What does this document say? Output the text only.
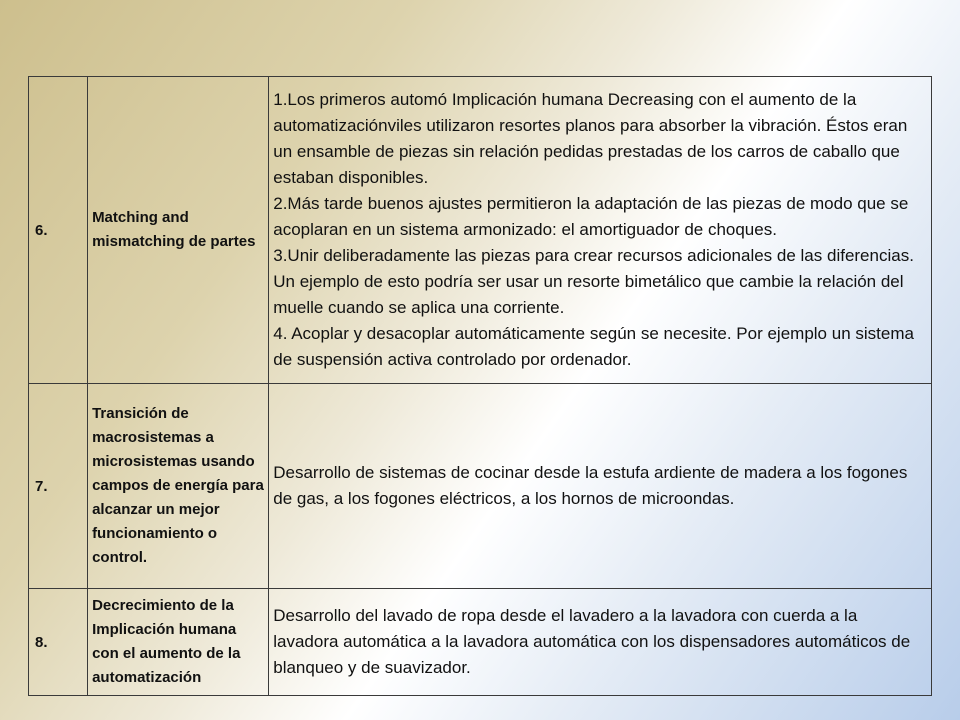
6.	Matching and mismatching de partes	1.Los primeros automó Implicación humana Decreasing con el aumento de la automatizaciónviles utilizaron resortes planos para absorber la vibración. Éstos eran un ensamble de piezas sin relación pedidas prestadas de los carros de caballo que estaban disponibles.
2.Más tarde buenos ajustes permitieron la adaptación de las piezas de modo que se acoplaran en un sistema armonizado: el amortiguador de choques.
3.Unir deliberadamente las piezas para crear recursos adicionales de las diferencias. Un ejemplo de esto podría ser usar un resorte bimetálico que cambie la relación del muelle cuando se aplica una corriente.
4. Acoplar y desacoplar automáticamente según se necesite. Por ejemplo un sistema de suspensión activa controlado por ordenador.

7.	Transición de macrosistemas a microsistemas usando campos de energía para alcanzar un mejor funcionamiento o control.	Desarrollo de sistemas de cocinar desde la estufa ardiente de madera a los fogones de gas, a los fogones eléctricos, a los hornos de microondas.
8.	Decrecimiento de la Implicación humana con el aumento de la automatización	Desarrollo del lavado de ropa desde el lavadero a la lavadora con cuerda a la lavadora automática a la lavadora automática con los dispensadores automáticos de blanqueo y de suavizador.
